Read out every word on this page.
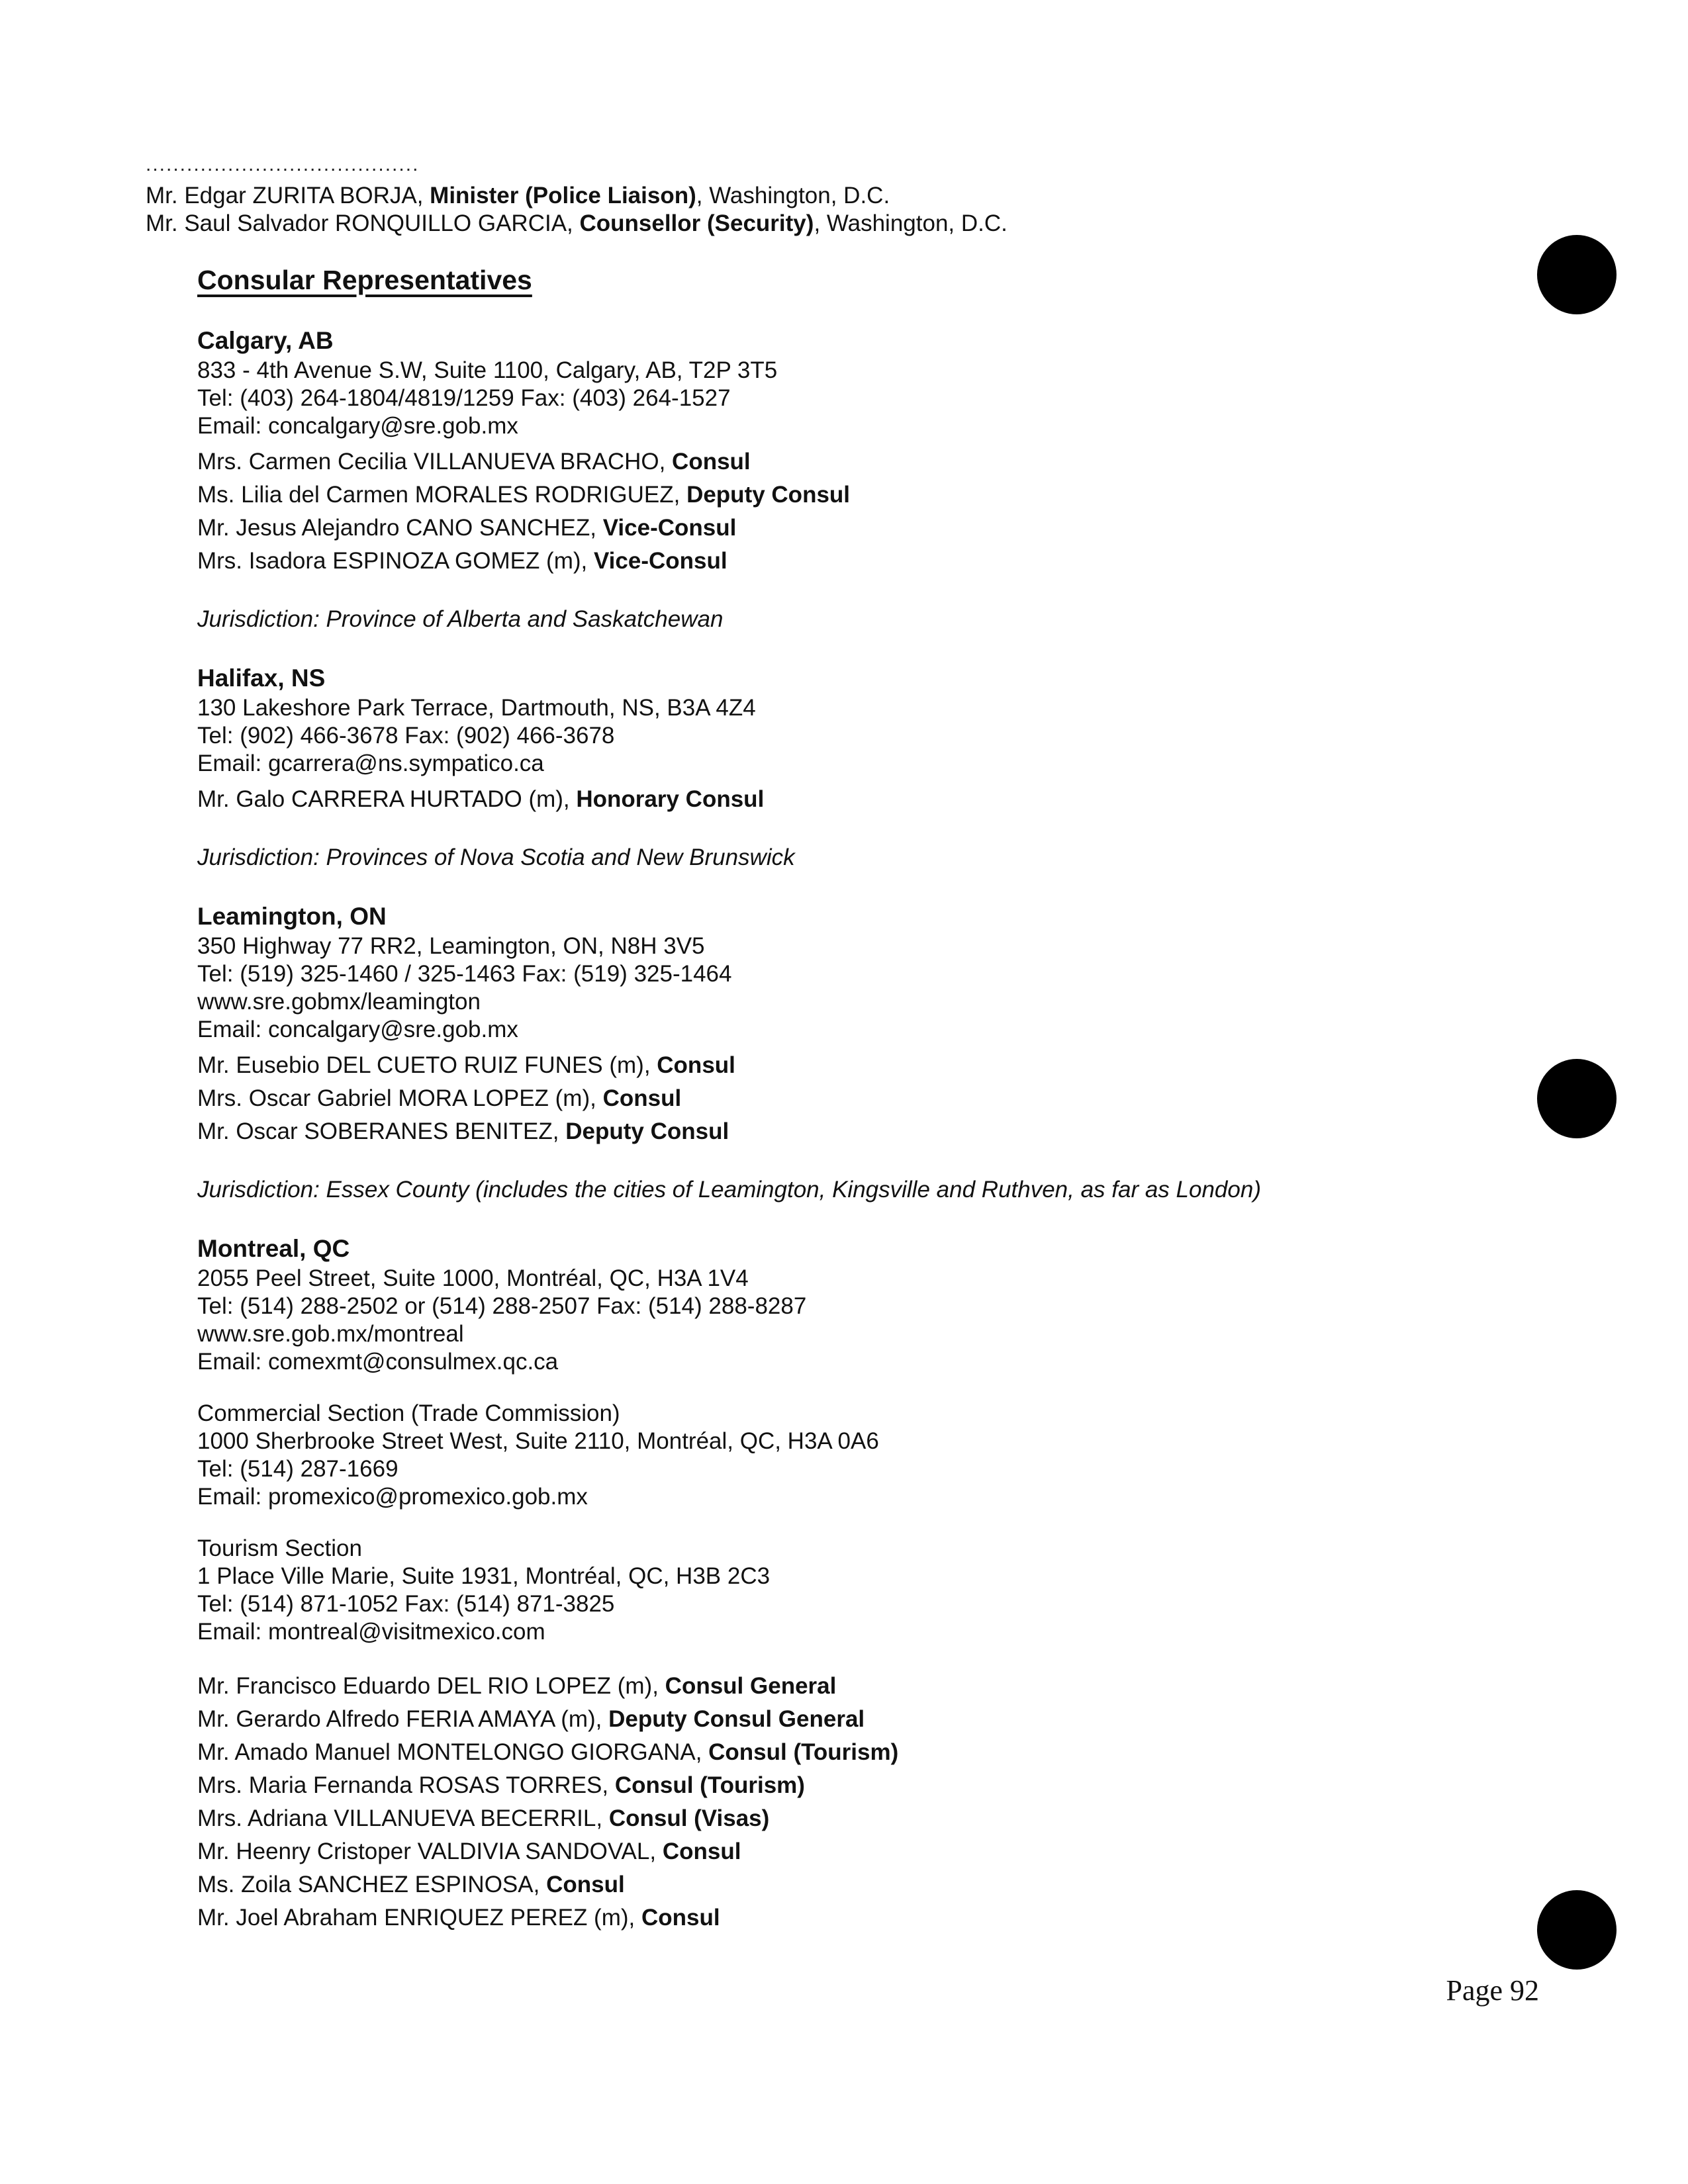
........................................
Mr. Edgar ZURITA BORJA, Minister (Police Liaison), Washington, D.C.
Mr. Saul Salvador RONQUILLO GARCIA, Counsellor (Security), Washington, D.C.
Consular Representatives
Calgary, AB
833 - 4th Avenue S.W, Suite 1100, Calgary, AB, T2P 3T5
Tel: (403) 264-1804/4819/1259 Fax: (403) 264-1527
Email: concalgary@sre.gob.mx
Mrs. Carmen Cecilia VILLANUEVA BRACHO, Consul
Ms. Lilia del Carmen MORALES RODRIGUEZ, Deputy Consul
Mr. Jesus Alejandro CANO SANCHEZ, Vice-Consul
Mrs. Isadora ESPINOZA GOMEZ (m), Vice-Consul
Jurisdiction: Province of Alberta and Saskatchewan
Halifax, NS
130 Lakeshore Park Terrace, Dartmouth, NS, B3A 4Z4
Tel: (902) 466-3678 Fax: (902) 466-3678
Email: gcarrera@ns.sympatico.ca
Mr. Galo CARRERA HURTADO (m), Honorary Consul
Jurisdiction: Provinces of Nova Scotia and New Brunswick
Leamington, ON
350 Highway 77 RR2, Leamington, ON, N8H 3V5
Tel: (519) 325-1460 / 325-1463 Fax: (519) 325-1464
www.sre.gobmx/leamington
Email: concalgary@sre.gob.mx
Mr. Eusebio DEL CUETO RUIZ FUNES (m), Consul
Mrs. Oscar Gabriel MORA LOPEZ (m), Consul
Mr. Oscar SOBERANES BENITEZ, Deputy Consul
Jurisdiction: Essex County (includes the cities of Leamington, Kingsville and Ruthven, as far as London)
Montreal, QC
2055 Peel Street, Suite 1000, Montréal, QC, H3A 1V4
Tel: (514) 288-2502 or (514) 288-2507 Fax: (514) 288-8287
www.sre.gob.mx/montreal
Email: comexmt@consulmex.qc.ca
Commercial Section (Trade Commission)
1000 Sherbrooke Street West, Suite 2110, Montréal, QC, H3A 0A6
Tel: (514) 287-1669
Email: promexico@promexico.gob.mx
Tourism Section
1 Place Ville Marie, Suite 1931, Montréal, QC, H3B 2C3
Tel: (514) 871-1052 Fax: (514) 871-3825
Email: montreal@visitmexico.com
Mr. Francisco Eduardo DEL RIO LOPEZ (m), Consul General
Mr. Gerardo Alfredo FERIA AMAYA (m), Deputy Consul General
Mr. Amado Manuel MONTELONGO GIORGANA, Consul (Tourism)
Mrs. Maria Fernanda ROSAS TORRES, Consul (Tourism)
Mrs. Adriana VILLANUEVA BECERRIL, Consul (Visas)
Mr. Heenry Cristoper VALDIVIA SANDOVAL, Consul
Ms. Zoila SANCHEZ ESPINOSA, Consul
Mr. Joel Abraham ENRIQUEZ PEREZ (m), Consul
Page 92
